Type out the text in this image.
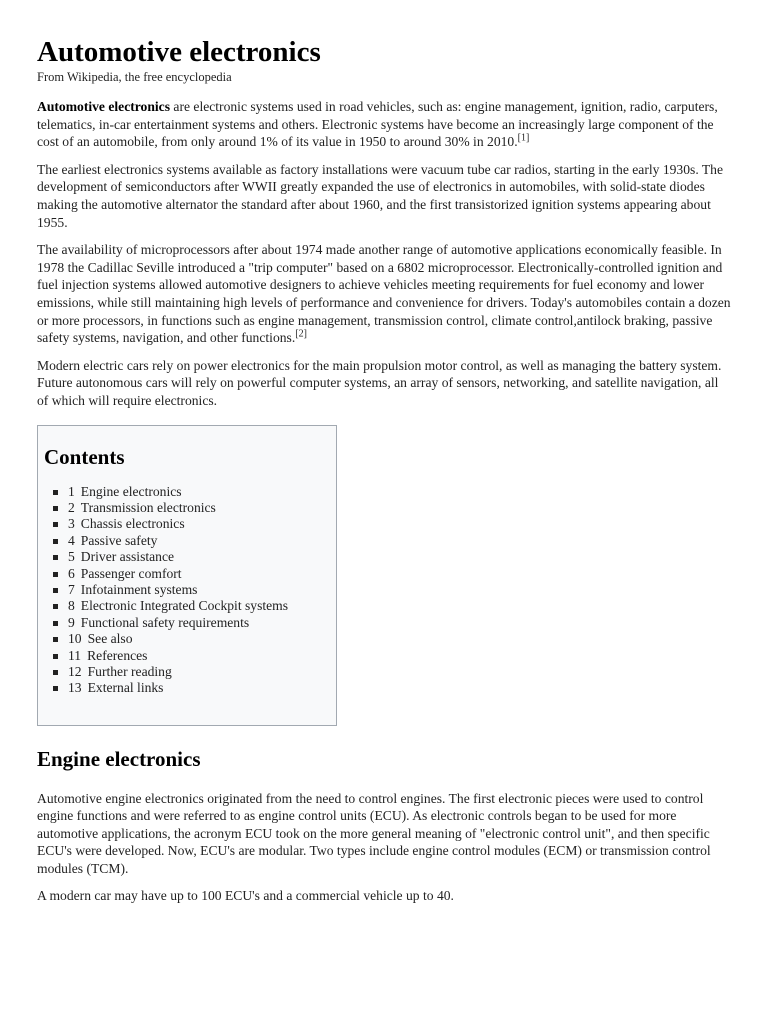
Automotive electronics
From Wikipedia, the free encyclopedia

Automotive electronics are electronic systems used in road vehicles, such as: engine management, ignition, radio, carputers, telematics, in-car entertainment systems and others. Electronic systems have become an increasingly large component of the cost of an automobile, from only around 1% of its value in 1950 to around 30% in 2010.[1]

The earliest electronics systems available as factory installations were vacuum tube car radios, starting in the early 1930s. The development of semiconductors after WWII greatly expanded the use of electronics in automobiles, with solid-state diodes making the automotive alternator the standard after about 1960, and the first transistorized ignition systems appearing about 1955.

The availability of microprocessors after about 1974 made another range of automotive applications economically feasible. In 1978 the Cadillac Seville introduced a "trip computer" based on a 6802 microprocessor. Electronically-controlled ignition and fuel injection systems allowed automotive designers to achieve vehicles meeting requirements for fuel economy and lower emissions, while still maintaining high levels of performance and convenience for drivers. Today's automobiles contain a dozen or more processors, in functions such as engine management, transmission control, climate control,antilock braking, passive safety systems, navigation, and other functions.[2]

Modern electric cars rely on power electronics for the main propulsion motor control, as well as managing the battery system. Future autonomous cars will rely on powerful computer systems, an array of sensors, networking, and satellite navigation, all of which will require electronics.

Contents
1 Engine electronics
2 Transmission electronics
3 Chassis electronics
4 Passive safety
5 Driver assistance
6 Passenger comfort
7 Infotainment systems
8 Electronic Integrated Cockpit systems
9 Functional safety requirements
10 See also
11 References
12 Further reading
13 External links
Engine electronics

Automotive engine electronics originated from the need to control engines. The first electronic pieces were used to control engine functions and were referred to as engine control units (ECU). As electronic controls began to be used for more automotive applications, the acronym ECU took on the more general meaning of "electronic control unit", and then specific ECU's were developed. Now, ECU's are modular. Two types include engine control modules (ECM) or transmission control modules (TCM).

A modern car may have up to 100 ECU's and a commercial vehicle up to 40.
